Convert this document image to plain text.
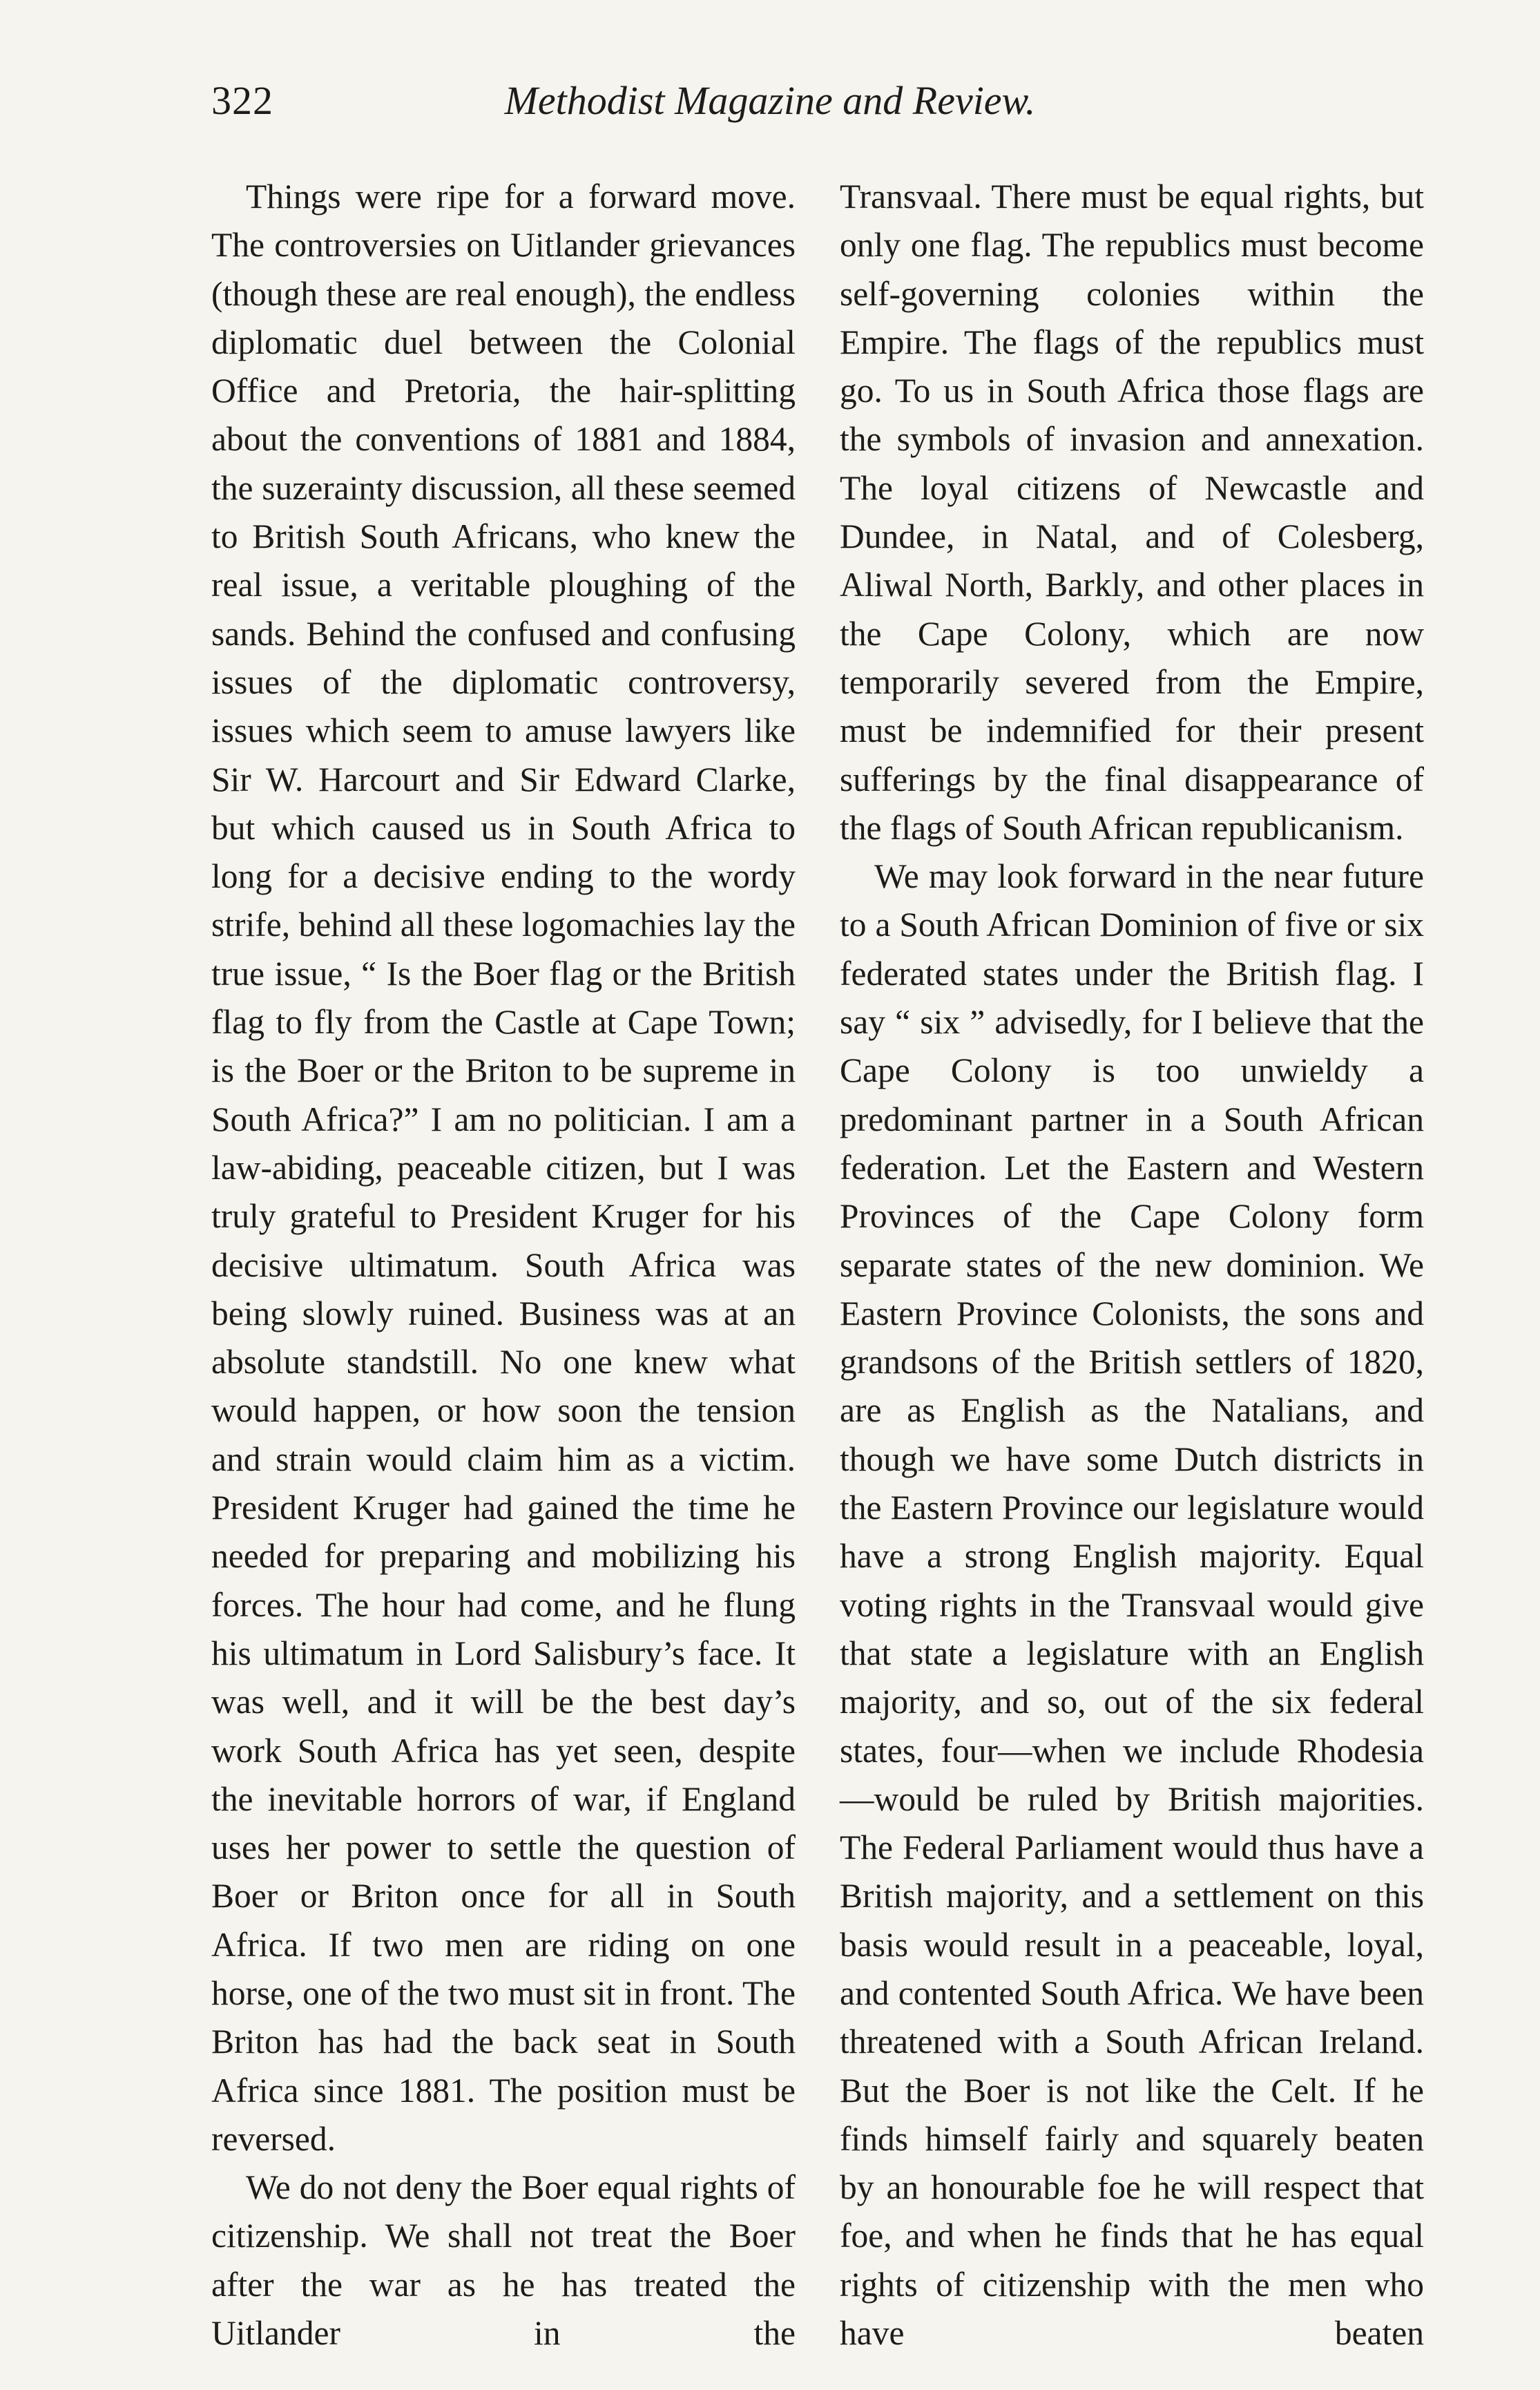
322	Methodist Magazine and Review.

Things were ripe for a forward move. The controversies on Uitlander grievances (though these are real enough), the endless diplomatic duel between the Colonial Office and Pretoria, the hair-splitting about the conventions of 1881 and 1884, the suzerainty discussion, all these seemed to British South Africans, who knew the real issue, a veritable ploughing of the sands. Behind the confused and confusing issues of the diplomatic controversy, issues which seem to amuse lawyers like Sir W. Harcourt and Sir Edward Clarke, but which caused us in South Africa to long for a decisive ending to the wordy strife, behind all these logomachies lay the true issue, “ Is the Boer flag or the British flag to fly from the Castle at Cape Town; is the Boer or the Briton to be supreme in South Africa?” I am no politician. I am a law-abiding, peaceable citizen, but I was truly grateful to President Kruger for his decisive ultimatum. South Africa was being slowly ruined. Business was at an absolute standstill. No one knew what would happen, or how soon the tension and strain would claim him as a victim. President Kruger had gained the time he needed for preparing and mobilizing his forces. The hour had come, and he flung his ultimatum in Lord Salisbury’s face. It was well, and it will be the best day’s work South Africa has yet seen, despite the inevitable horrors of war, if England uses her power to settle the question of Boer or Briton once for all in South Africa. If two men are riding on one horse, one of the two must sit in front. The Briton has had the back seat in South Africa since 1881. The position must be reversed.

We do not deny the Boer equal rights of citizenship. We shall not treat the Boer after the war as he has treated the Uitlander in the

Transvaal. There must be equal rights, but only one flag. The republics must become self-governing colonies within the Empire. The flags of the republics must go. To us in South Africa those flags are the symbols of invasion and annexation. The loyal citizens of Newcastle and Dundee, in Natal, and of Colesberg, Aliwal North, Barkly, and other places in the Cape Colony, which are now temporarily severed from the Empire, must be indemnified for their present sufferings by the final disappearance of the flags of South African republicanism.

We may look forward in the near future to a South African Dominion of five or six federated states under the British flag. I say “ six ” advisedly, for I believe that the Cape Colony is too unwieldy a predominant partner in a South African federation. Let the Eastern and Western Provinces of the Cape Colony form separate states of the new dominion. We Eastern Province Colonists, the sons and grandsons of the British settlers of 1820, are as English as the Natalians, and though we have some Dutch districts in the Eastern Province our legislature would have a strong English majority. Equal voting rights in the Transvaal would give that state a legislature with an English majority, and so, out of the six federal states, four—when we include Rhodesia—would be ruled by British majorities. The Federal Parliament would thus have a British majority, and a settlement on this basis would result in a peaceable, loyal, and contented South Africa. We have been threatened with a South African Ireland. But the Boer is not like the Celt. If he finds himself fairly and squarely beaten by an honourable foe he will respect that foe, and when he finds that he has equal rights of citizenship with the men who have beaten
